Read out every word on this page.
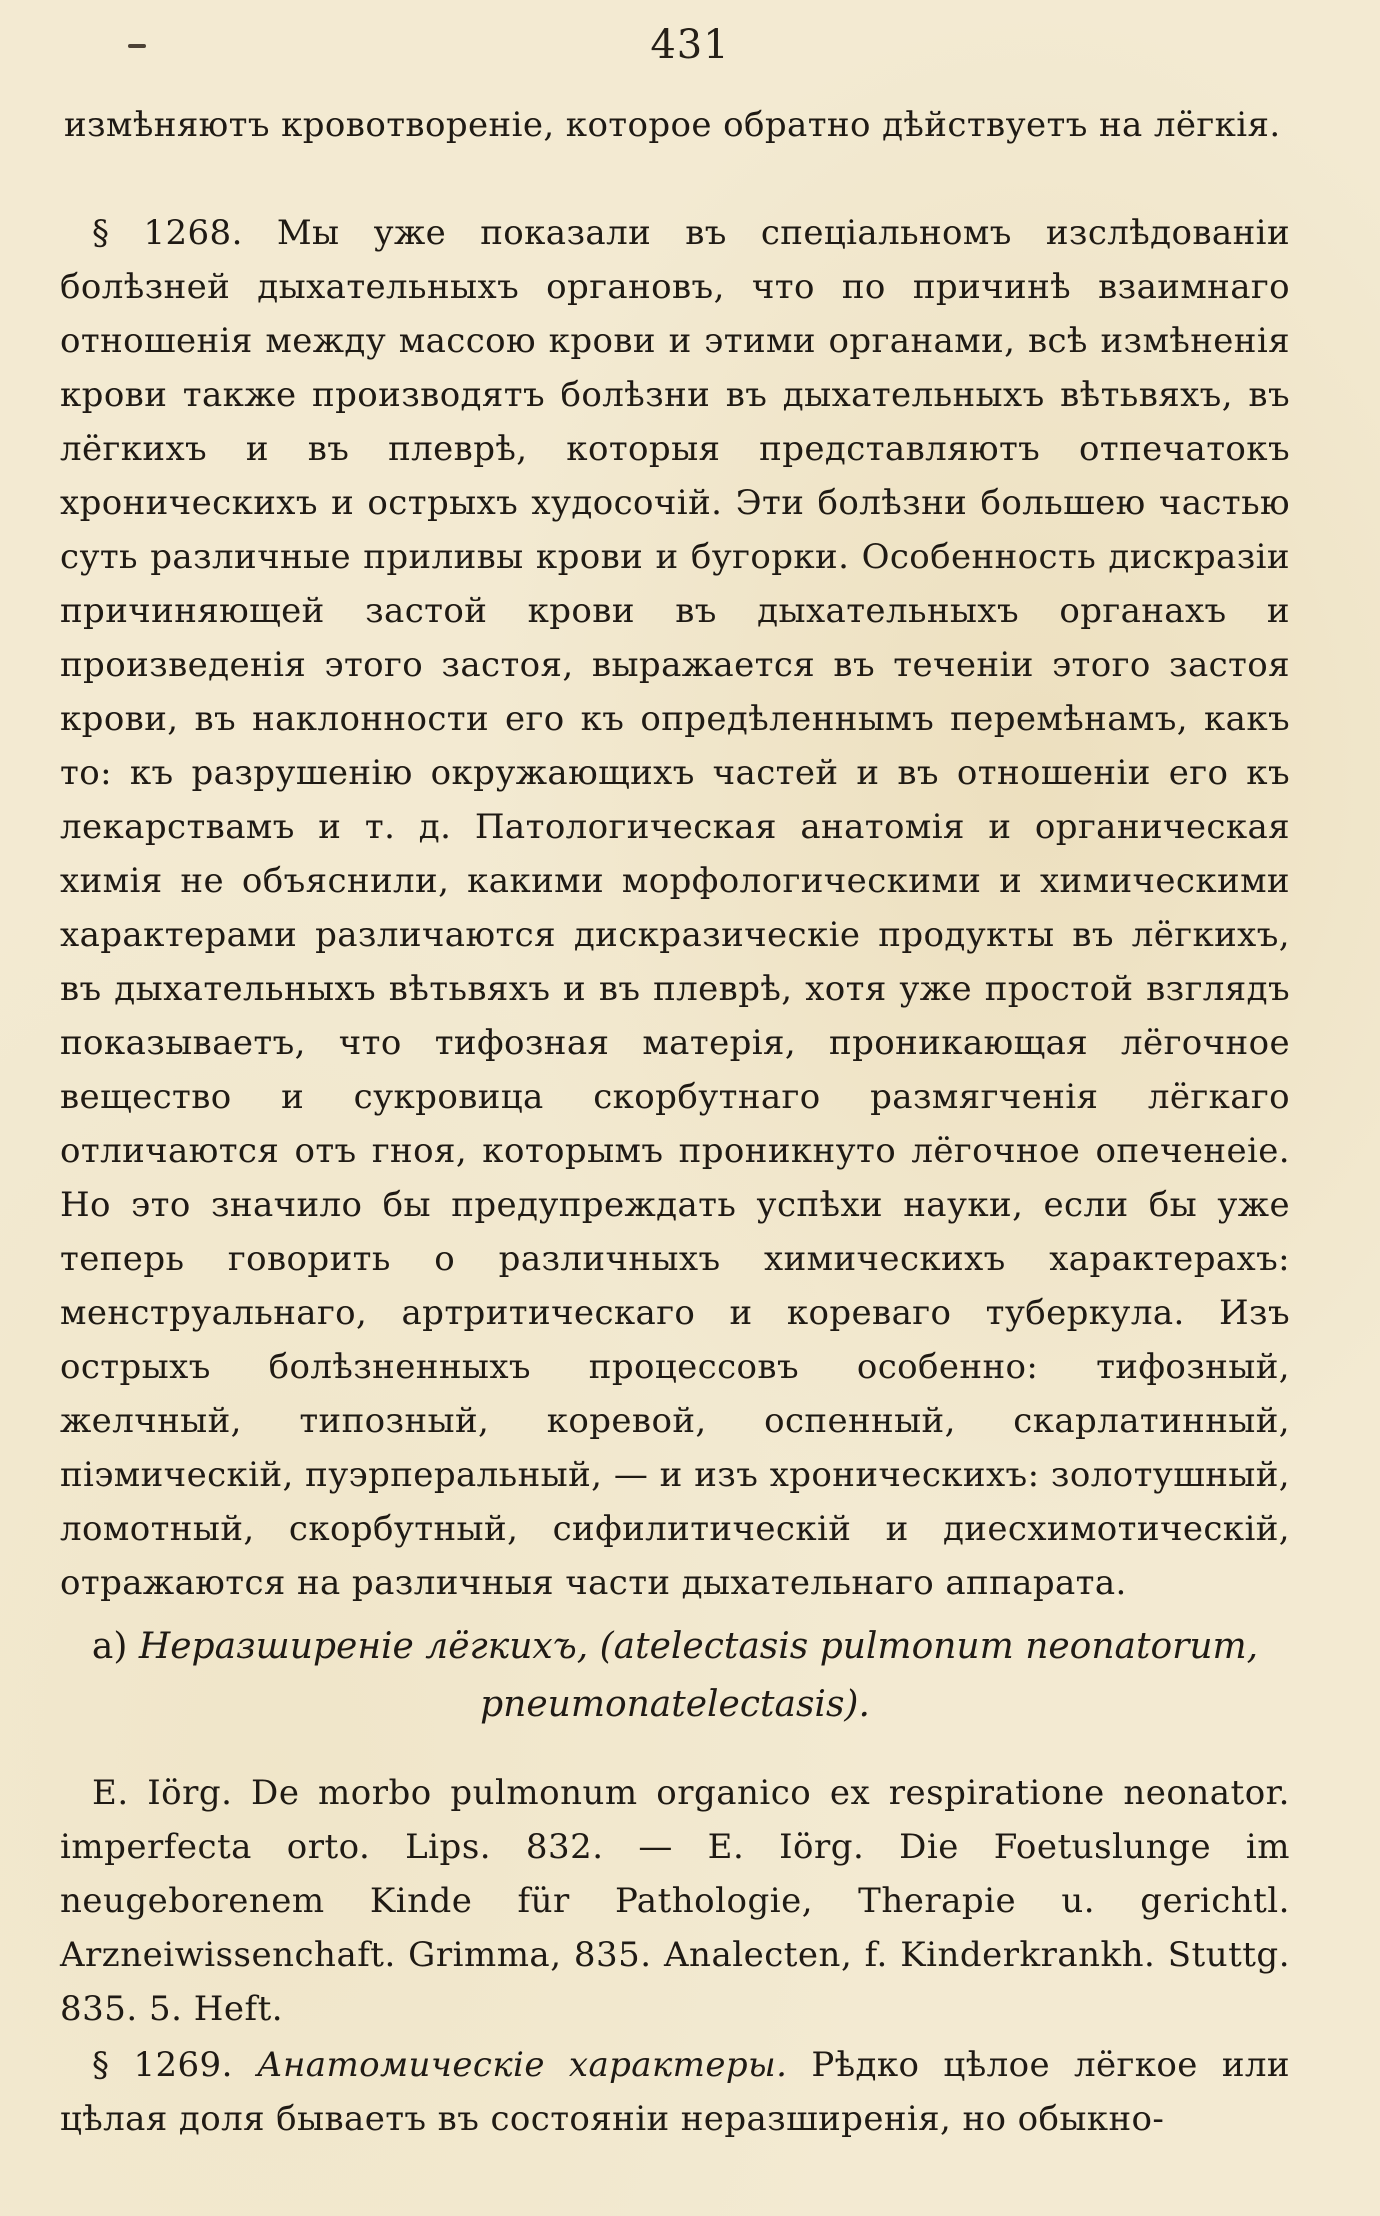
431

измѣняютъ кровотвореніе, которое обратно дѣйствуетъ на лёгкія.

§ 1268. Мы уже показали въ спеціальномъ изслѣдованіи болѣзней дыхательныхъ органовъ, что по причинѣ взаимнаго отношенія между массою крови и этими органами, всѣ измѣненія крови также производятъ болѣзни въ дыхательныхъ вѣтьвяхъ, въ лёгкихъ и въ плеврѣ, которыя представляютъ отпечатокъ хроническихъ и острыхъ худосочій. Эти болѣзни большею частью суть различные приливы крови и бугорки. Особенность дискразіи причиняющей застой крови въ дыхательныхъ органахъ и произведенія этого застоя, выражается въ теченіи этого застоя крови, въ наклонности его къ опредѣленнымъ перемѣнамъ, какъ то: къ разрушенію окружающихъ частей и въ отношеніи его къ лекарствамъ и т. д. Патологическая анатомія и органическая химія не объяснили, какими морфологическими и химическими характерами различаются дискразическіе продукты въ лёгкихъ, въ дыхательныхъ вѣтьвяхъ и въ плеврѣ, хотя уже простой взглядъ показываетъ, что тифозная матерія, проникающая лёгочное вещество и сукровица скорбутнаго размягченія лёгкаго отличаются отъ гноя, которымъ проникнуто лёгочное опеченеіе. Но это значило бы предупреждать успѣхи науки, если бы уже теперь говорить о различныхъ химическихъ характерахъ: менструальнаго, артритическаго и кореваго туберкула. Изъ острыхъ болѣзненныхъ процессовъ особенно: тифозный, желчный, типозный, коревой, оспенный, скарлатинный, піэмическій, пуэрперальный, — и изъ хроническихъ: золотушный, ломотный, скорбутный, сифилитическій и диесхимотическій, отражаются на различныя части дыхательнаго аппарата.

a) Неразширеніе лёгкихъ, (atelectasis pulmonum neonatorum,
pneumonatelectasis).

E. Iörg. De morbo pulmonum organico ex respiratione neonator. imperfecta orto. Lips. 832. — E. Iörg. Die Foetuslunge im neugeborenem Kinde für Pathologie, Therapie u. gerichtl. Arzneiwissenchaft. Grimma, 835. Analecten, f. Kinderkrankh. Stuttg. 835. 5. Heft.

§ 1269. Анатомическіе характеры. Рѣдко цѣлое лёгкое или цѣлая доля бываетъ въ состояніи неразширенія, но обыкно-
